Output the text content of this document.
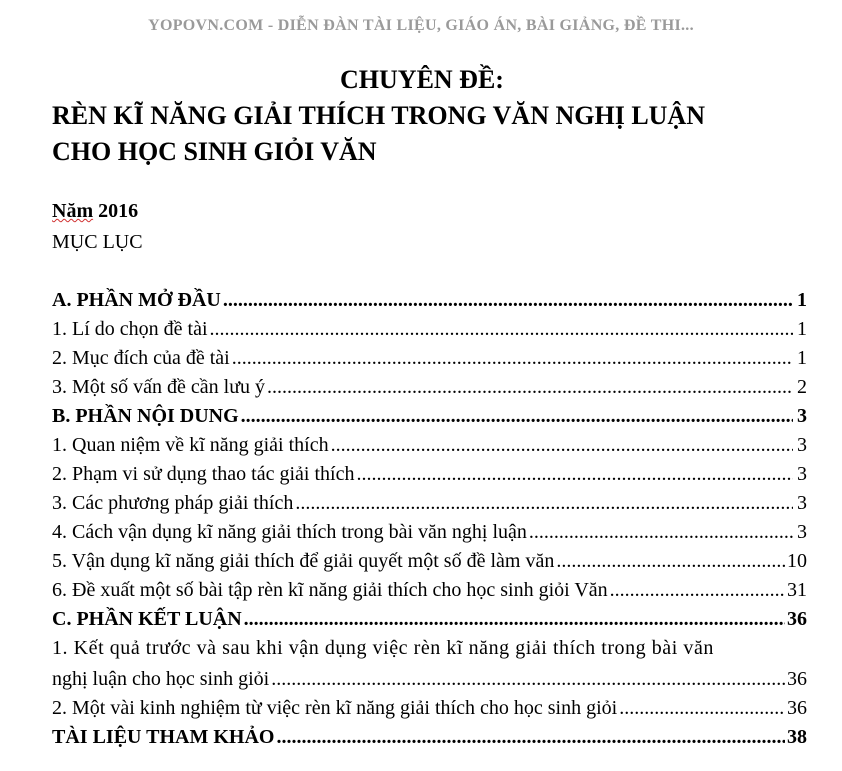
YOPOVN.COM - DIỄN ĐÀN TÀI LIỆU, GIÁO ÁN, BÀI GIẢNG, ĐỀ THI...
CHUYÊN ĐỀ:
RÈN KĨ NĂNG GIẢI THÍCH TRONG VĂN NGHỊ LUẬN
CHO HỌC SINH GIỎI VĂN
Năm 2016
MỤC LỤC
A. PHẦN MỞ ĐẦU .....	1
1. Lí do chọn đề tài .....	1
2. Mục đích của đề tài .....	1
3. Một số vấn đề cần lưu ý .....	2
B. PHẦN NỘI DUNG .....	3
1. Quan niệm về kĩ năng giải thích .....	3
2. Phạm vi sử dụng thao tác giải thích .....	3
3. Các phương pháp giải thích .....	3
4. Cách vận dụng kĩ năng giải thích trong bài văn nghị luận .....	3
5. Vận dụng kĩ năng giải thích để giải quyết một số đề làm văn .....	10
6. Đề xuất một số bài tập rèn kĩ năng giải thích cho học sinh giỏi Văn .....	31
C. PHẦN KẾT LUẬN .....	36
1. Kết quả trước và sau khi vận dụng việc rèn kĩ năng giải thích trong bài văn
nghị luận cho học sinh giỏi .....	36
2. Một vài kinh nghiệm từ việc rèn kĩ năng giải thích cho học sinh giỏi .....	36
TÀI LIỆU THAM KHẢO .....	38
